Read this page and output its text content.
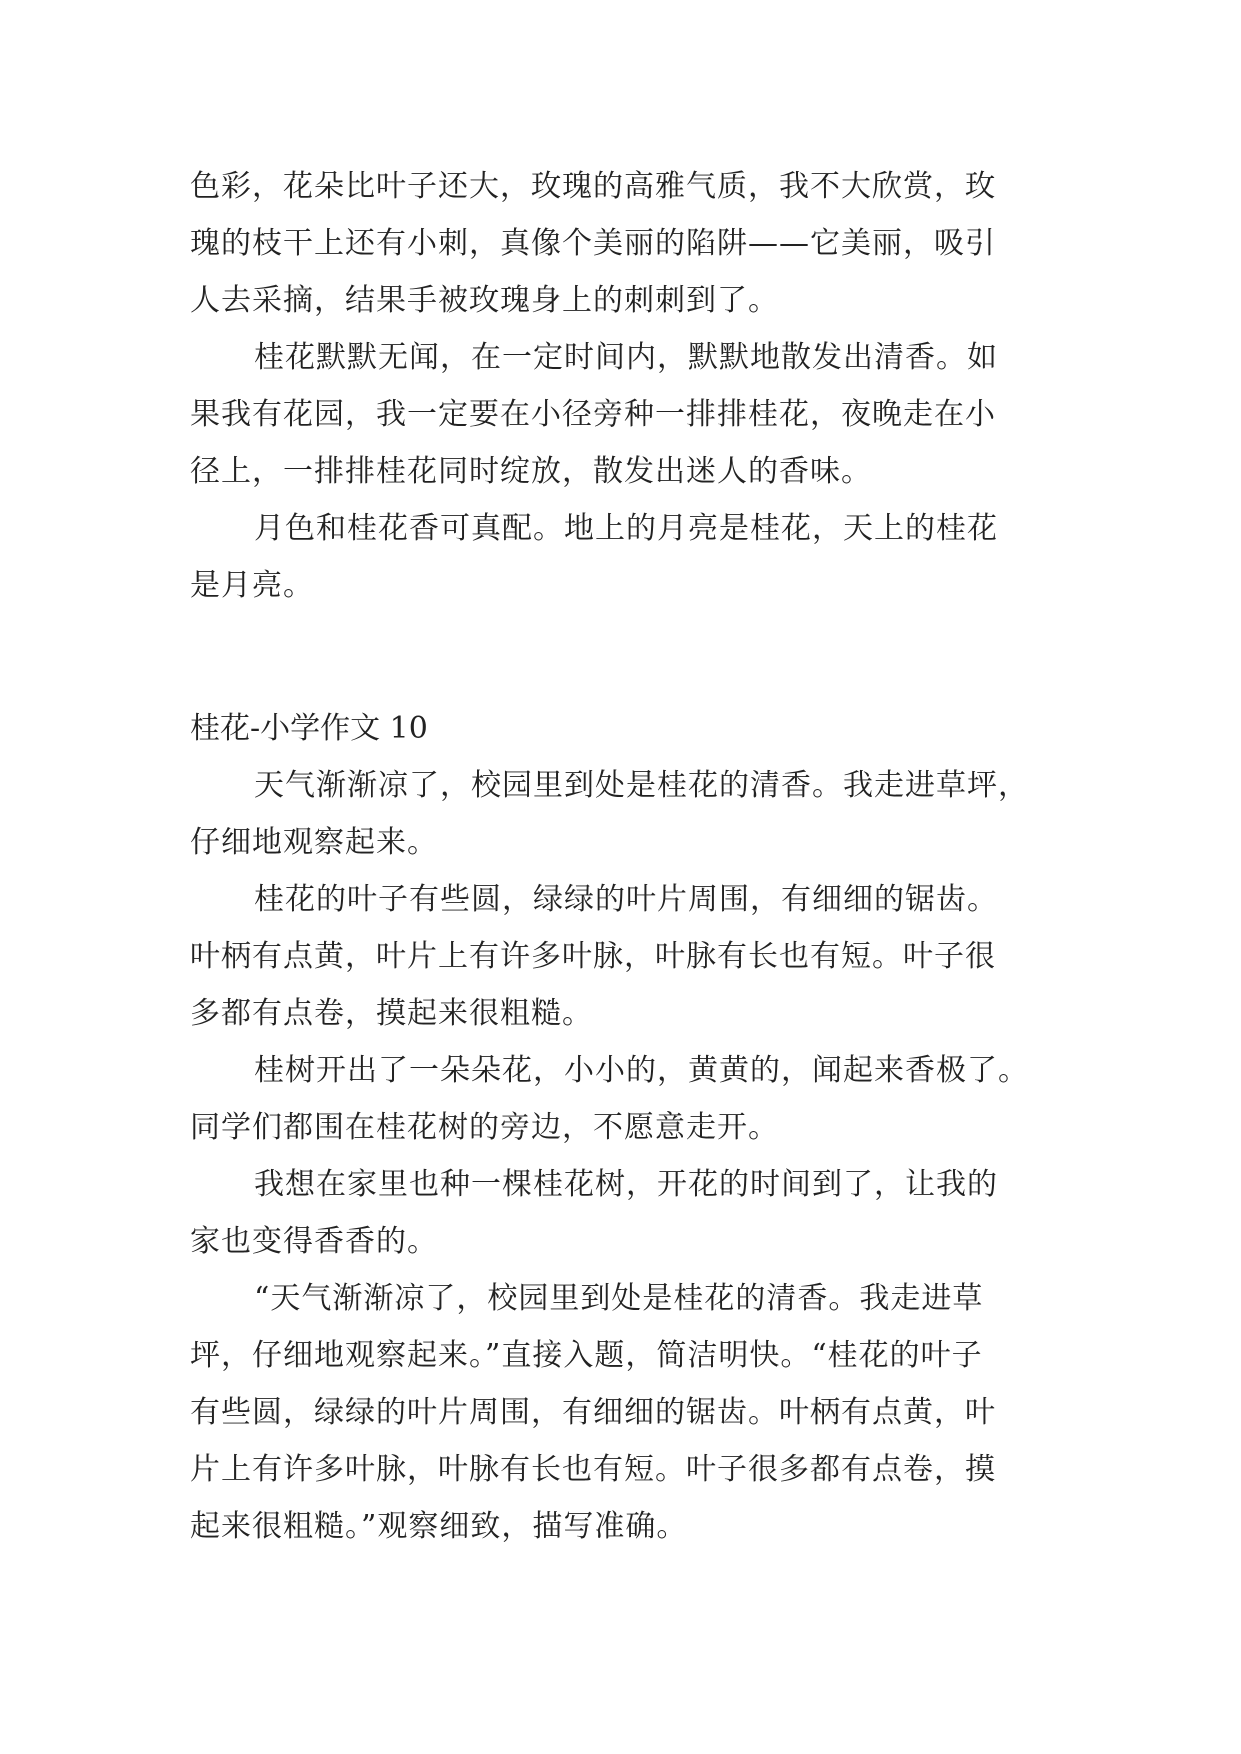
色彩，花朵比叶子还大，玫瑰的高雅气质，我不大欣赏，玫
瑰的枝干上还有小刺，真像个美丽的陷阱——它美丽，吸引
人去采摘，结果手被玫瑰身上的刺刺到了。
桂花默默无闻，在一定时间内，默默地散发出清香。如
果我有花园，我一定要在小径旁种一排排桂花，夜晚走在小
径上，一排排桂花同时绽放，散发出迷人的香味。
月色和桂花香可真配。地上的月亮是桂花，天上的桂花
是月亮。
桂花-小学作文 10
天气渐渐凉了，校园里到处是桂花的清香。我走进草坪，
仔细地观察起来。
桂花的叶子有些圆，绿绿的叶片周围，有细细的锯齿。
叶柄有点黄，叶片上有许多叶脉，叶脉有长也有短。叶子很
多都有点卷，摸起来很粗糙。
桂树开出了一朵朵花，小小的，黄黄的，闻起来香极了。
同学们都围在桂花树的旁边，不愿意走开。
我想在家里也种一棵桂花树，开花的时间到了，让我的
家也变得香香的。
“天气渐渐凉了，校园里到处是桂花的清香。我走进草
坪，仔细地观察起来。”直接入题，简洁明快。“桂花的叶子
有些圆，绿绿的叶片周围，有细细的锯齿。叶柄有点黄，叶
片上有许多叶脉，叶脉有长也有短。叶子很多都有点卷，摸
起来很粗糙。”观察细致，描写准确。
